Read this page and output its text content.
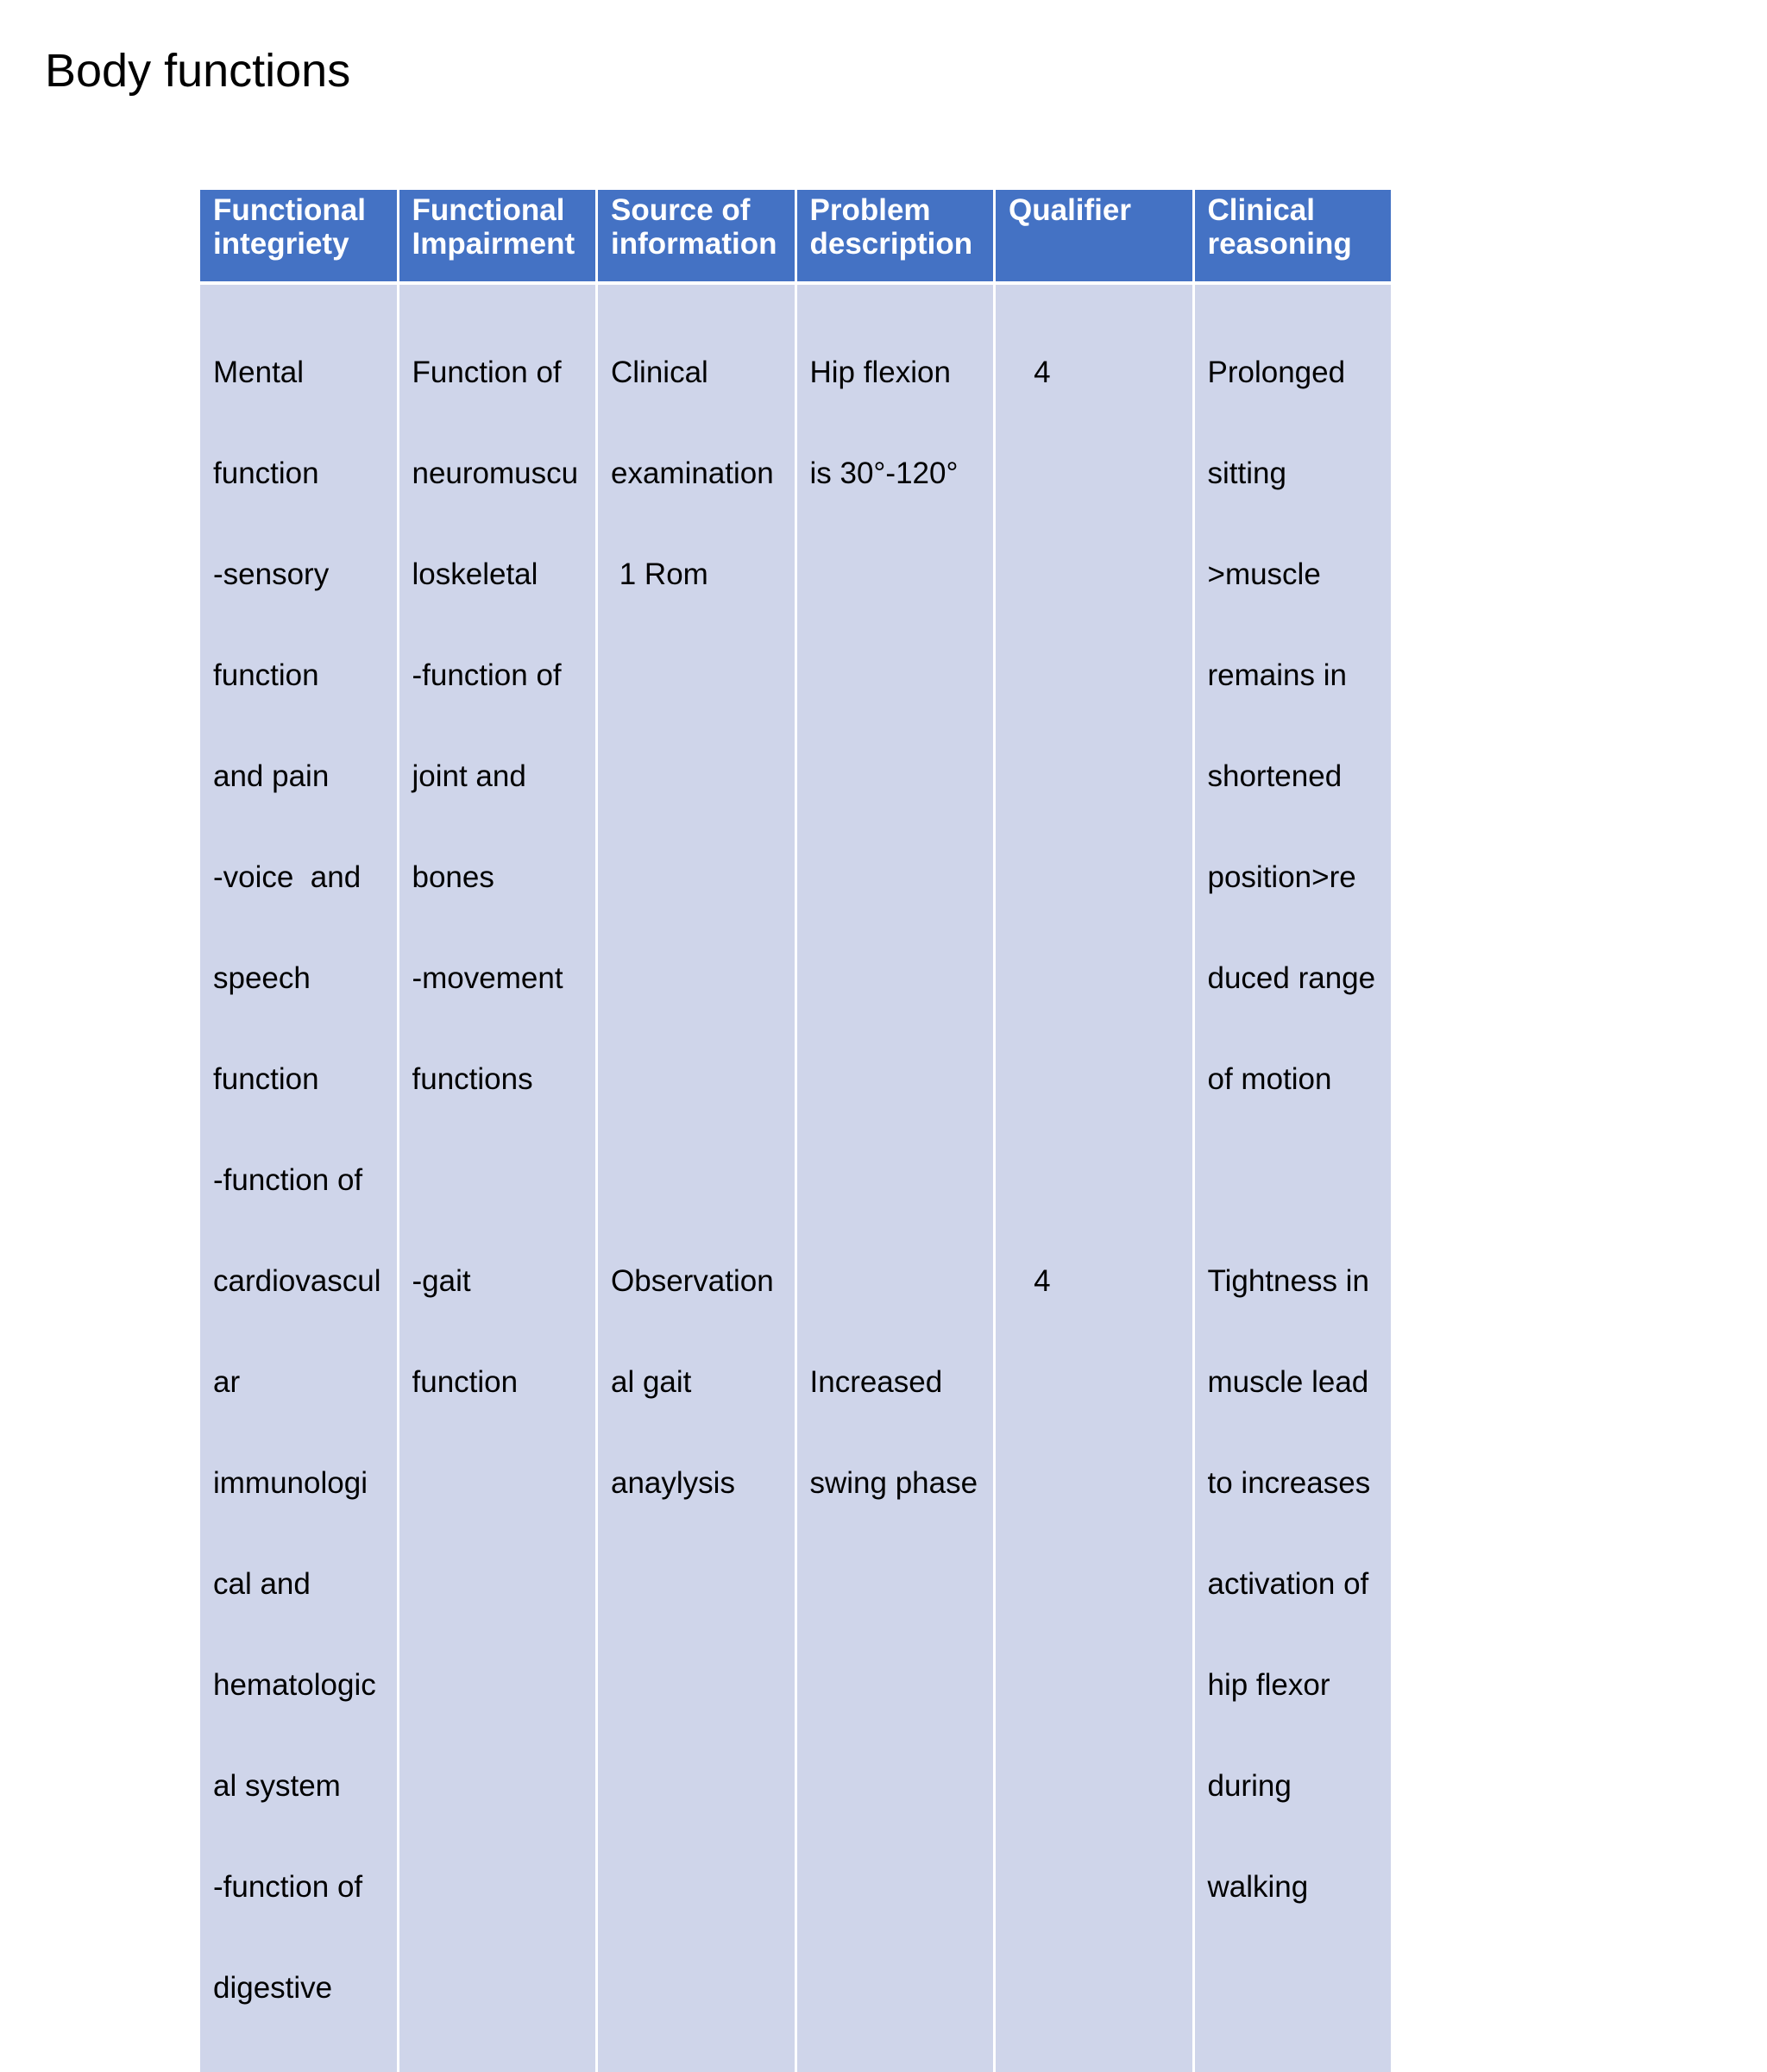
Body functions
Functional
integriety
Functional
Impairment
Source of
information
Problem
description
Qualifier	Clinical
reasoning

Mental

function

-sensory

function

and pain

-voice  and

speech

function

-function of

cardiovascul

ar

immunologi

cal and

hematologic

al system

-function of

digestive

Function of

neuromuscu

loskeletal

-function of

joint and

bones

-movement

functions

-gait

function

Clinical

examination

1 Rom

Observation

al gait

anaylysis

Hip flexion

is 30°-120°

Increased

swing phase

4

4

Prolonged

sitting

>muscle

remains in

shortened

position>re

duced range

of motion

Tightness in

muscle lead

to increases

activation of

hip flexor

during

walking
